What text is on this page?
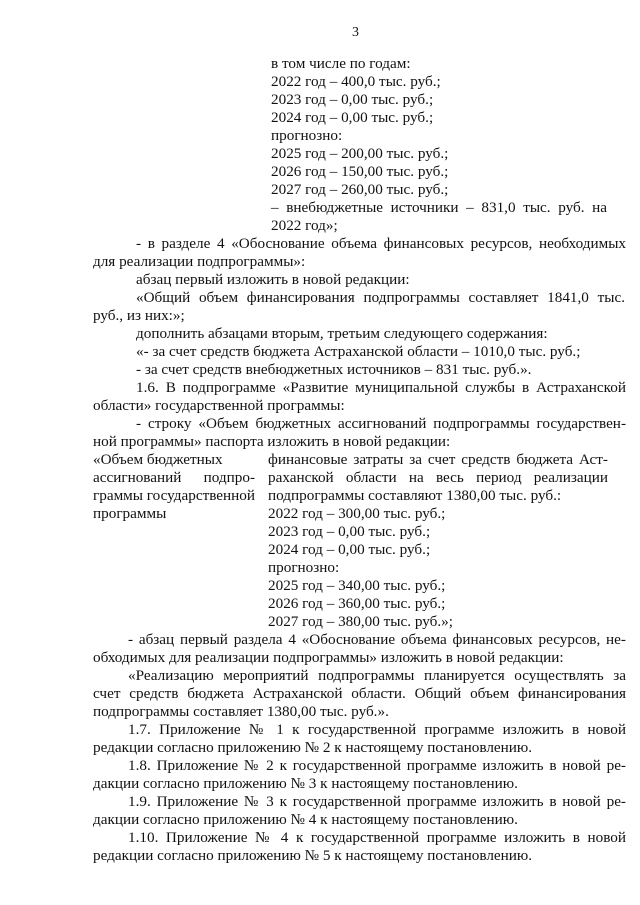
3
в том числе по годам:
2022 год – 400,0 тыс. руб.;
2023 год – 0,00 тыс. руб.;
2024 год – 0,00 тыс. руб.;
прогнозно:
2025 год – 200,00 тыс. руб.;
2026 год – 150,00 тыс. руб.;
2027 год – 260,00 тыс. руб.;
– внебюджетные источники – 831,0 тыс. руб. на
2022 год»;
- в разделе 4 «Обоснование объема финансовых ресурсов, необходимых
для реализации подпрограммы»:
абзац первый изложить в новой редакции:
«Общий объем финансирования подпрограммы составляет 1841,0 тыс.
руб., из них:»;
дополнить абзацами вторым, третьим следующего содержания:
«- за счет средств бюджета Астраханской области – 1010,0 тыс. руб.;
- за счет средств внебюджетных источников – 831 тыс. руб.».
1.6. В подпрограмме «Развитие муниципальной службы в Астраханской
области» государственной программы:
- строку «Объем бюджетных ассигнований подпрограммы государствен-
ной программы» паспорта изложить в новой редакции:
«Объем бюджетных
ассигнований подпро-
граммы государственной
программы
финансовые затраты за счет средств бюджета Аст-
раханской области на весь период реализации
подпрограммы составляют 1380,00 тыс. руб.:
2022 год – 300,00 тыс. руб.;
2023 год – 0,00 тыс. руб.;
2024 год – 0,00 тыс. руб.;
прогнозно:
2025 год – 340,00 тыс. руб.;
2026 год – 360,00 тыс. руб.;
2027 год – 380,00 тыс. руб.»;
- абзац первый раздела 4 «Обоснование объема финансовых ресурсов, не-
обходимых для реализации подпрограммы» изложить в новой редакции:
«Реализацию мероприятий подпрограммы планируется осуществлять за
счет средств бюджета Астраханской области. Общий объем финансирования
подпрограммы составляет 1380,00 тыс. руб.».
1.7. Приложение № 1 к государственной программе изложить в новой
редакции согласно приложению № 2 к настоящему постановлению.
1.8. Приложение № 2 к государственной программе изложить в новой ре-
дакции согласно приложению № 3 к настоящему постановлению.
1.9. Приложение № 3 к государственной программе изложить в новой ре-
дакции согласно приложению № 4 к настоящему постановлению.
1.10. Приложение № 4 к государственной программе изложить в новой
редакции согласно приложению № 5 к настоящему постановлению.
